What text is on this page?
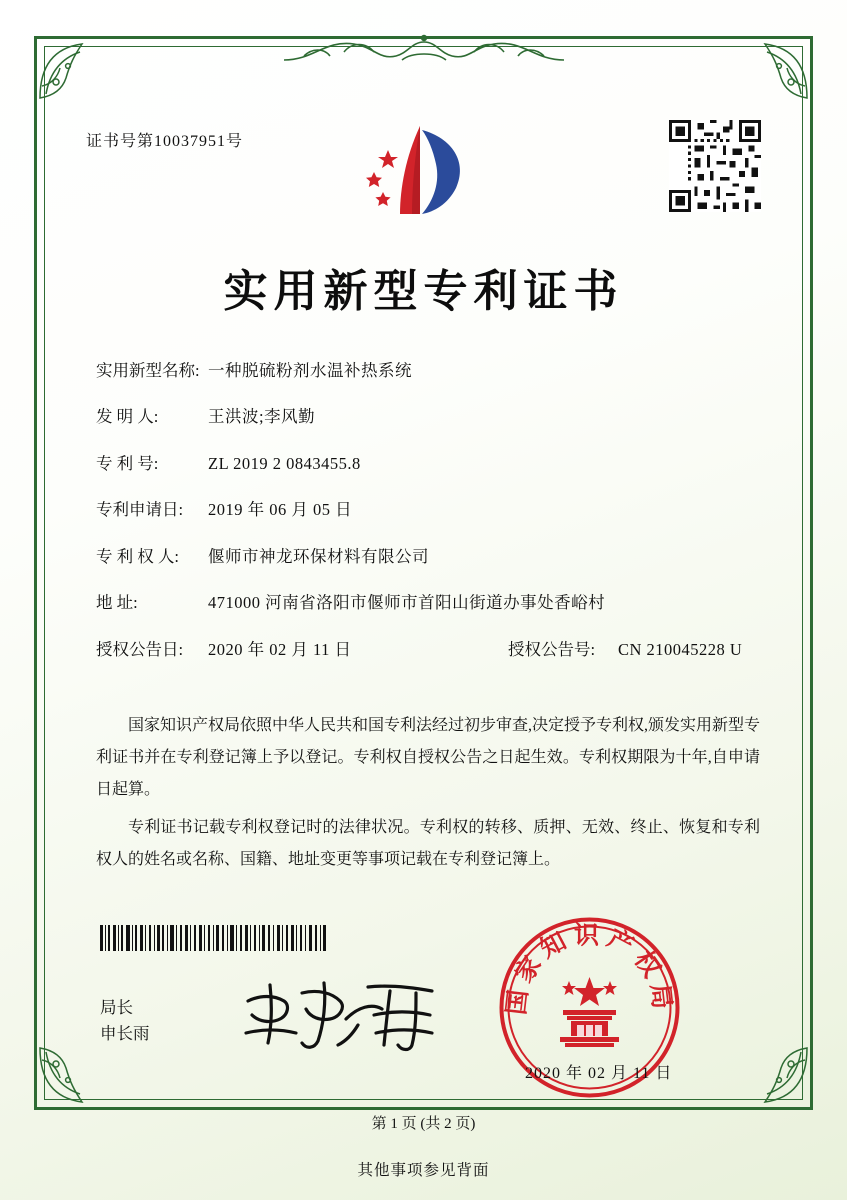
证书号第10037951号
实用新型专利证书
实用新型名称: 一种脱硫粉剂水温补热系统
发 明 人:	王洪波;李风勤
专 利 号:	ZL 2019 2 0843455.8
专利申请日:	2019 年 06 月 05 日
专 利 权 人:	偃师市神龙环保材料有限公司
地 址:	471000 河南省洛阳市偃师市首阳山街道办事处香峪村
授权公告日:	2020 年 02 月 11 日	授权公告号:	CN 210045228 U

国家知识产权局依照中华人民共和国专利法经过初步审查,决定授予专利权,颁发实用新型专利证书并在专利登记簿上予以登记。专利权自授权公告之日起生效。专利权期限为十年,自申请日起算。

专利证书记载专利权登记时的法律状况。专利权的转移、质押、无效、终止、恢复和专利权人的姓名或名称、国籍、地址变更等事项记载在专利登记簿上。

局长
申长雨
国家知识产权局
2020 年 02 月 11 日
第 1 页 (共 2 页)
其他事项参见背面
